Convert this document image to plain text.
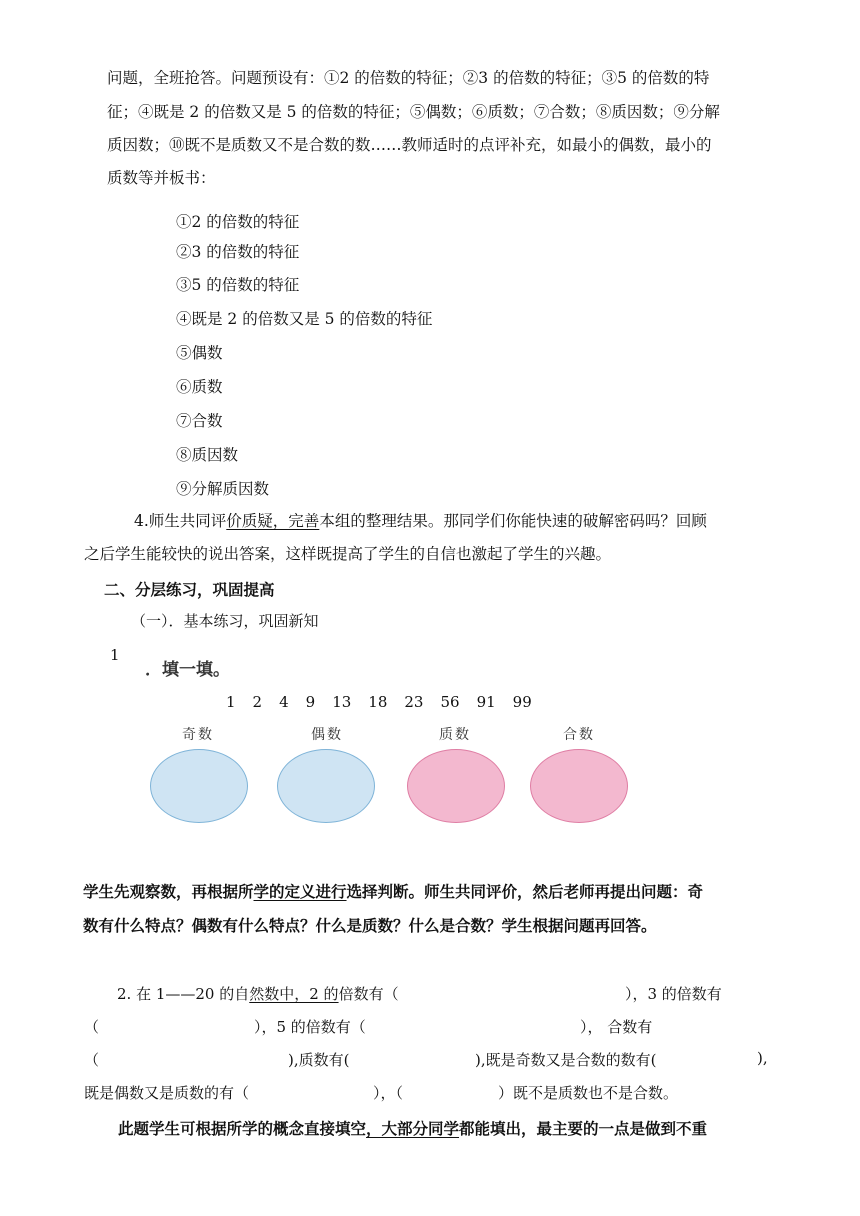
问题，全班抢答。问题预设有：①2 的倍数的特征；②3 的倍数的特征；③5 的倍数的特
征；④既是 2 的倍数又是 5 的倍数的特征；⑤偶数；⑥质数；⑦合数；⑧质因数；⑨分解
质因数；⑩既不是质数又不是合数的数……教师适时的点评补充，如最小的偶数，最小的
质数等并板书：
①2 的倍数的特征
②3 的倍数的特征
③5 的倍数的特征
④既是 2 的倍数又是 5 的倍数的特征
⑤偶数
⑥质数
⑦合数
⑧质因数
⑨分解质因数
4.师生共同评价质疑，完善本组的整理结果。那同学们你能快速的破解密码吗？回顾
之后学生能较快的说出答案，这样既提高了学生的自信也激起了学生的兴趣。
二、分层练习，巩固提高
（一）．基本练习，巩固新知
1
．填一填。
1 2 4 9 13 18 23 56 91 99
奇数	偶数	质数	合数
学生先观察数，再根据所学的定义进行选择判断。师生共同评价，然后老师再提出问题：奇
数有什么特点？偶数有什么特点？什么是质数？什么是合数？学生根据问题再回答。
2. 在 1——20 的自然数中，2 的倍数有（	），3 的倍数有
（	），5 的倍数有（	）， 合数有
（	),质数有(	),既是奇数又是合数的数有(	),
既是偶数又是质数的有（	），（	）既不是质数也不是合数。
此题学生可根据所学的概念直接填空，大部分同学都能填出，最主要的一点是做到不重
